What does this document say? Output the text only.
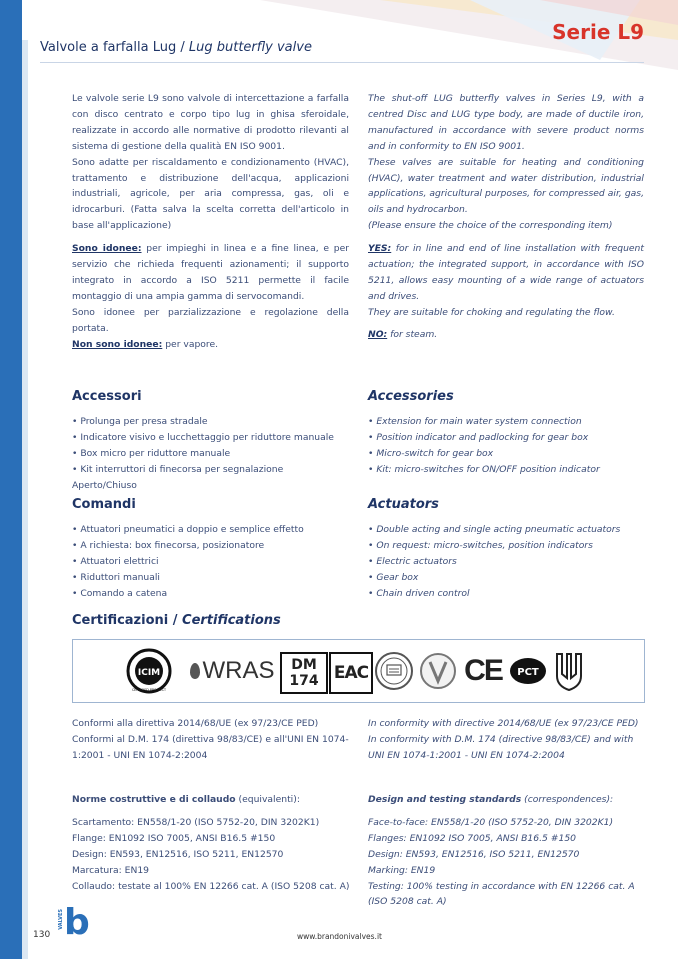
Serie L9
Valvole a farfalla Lug / Lug butterfly valve

Le valvole serie L9 sono valvole di intercettazione a farfalla con disco centrato e corpo tipo lug in ghisa sferoidale, realizzate in accordo alle normative di prodotto rilevanti al sistema di gestione della qualità EN ISO 9001.

Sono adatte per riscaldamento e condizionamento (HVAC), trattamento e distribuzione dell'acqua, applicazioni industriali, agricole, per aria compressa, gas, oli e idrocarburi. (Fatta salva la scelta corretta dell'articolo in base all'applicazione)

Sono idonee: per impieghi in linea e a fine linea, e per servizio che richieda frequenti azionamenti; il supporto integrato in accordo a ISO 5211 permette il facile montaggio di una ampia gamma di servocomandi.

Sono idonee per parzializzazione e regolazione della portata.

Non sono idonee: per vapore.

The shut-off LUG butterfly valves in Series L9, with a centred Disc and LUG type body, are made of ductile iron, manufactured in accordance with severe product norms and in conformity to EN ISO 9001.

These valves are suitable for heating and conditioning (HVAC), water treatment and water distribution, industrial applications, agricultural purposes, for compressed air, gas, oils and hydrocarbon.

(Please ensure the choice of the corresponding item)

YES: for in line and end of line installation with frequent actuation; the integrated support, in accordance with ISO 5211, allows easy mounting of a wide range of actuators and drives.

They are suitable for choking and regulating the flow.

NO: for steam.

Accessori	Accessories
• Prolunga per presa stradale
• Indicatore visivo e lucchettaggio per riduttore manuale
• Box micro per riduttore manuale
• Kit interruttori di finecorsa per segnalazione
Aperto/Chiuso
• Extension for main water system connection
• Position indicator and padlocking for gear box
• Micro-switch for gear box
• Kit: micro-switches for ON/OFF position indicator
Comandi	Actuators
• Attuatori pneumatici a doppio e semplice effetto
• A richiesta: box finecorsa, posizionatore
• Attuatori elettrici
• Riduttori manuali
• Comando a catena
• Double acting and single acting pneumatic actuators
• On request: micro-switches, position indicators
• Electric actuators
• Gear box
• Chain driven control
Certificazioni / Certifications
ICIM
CERTIFIED PRODUCT
WRAS DM
174 EAC	CE PCT

Conformi alla direttiva 2014/68/UE (ex 97/23/CE PED)

Conformi al D.M. 174 (direttiva 98/83/CE) e all'UNI EN 1074-1:2001 - UNI EN 1074-2:2004

In conformity with directive 2014/68/UE (ex 97/23/CE PED)

In conformity with D.M. 174 (directive 98/83/CE) and with UNI EN 1074-1:2001 - UNI EN 1074-2:2004

Norme costruttive e di collaudo (equivalenti):

Scartamento: EN558/1-20 (ISO 5752-20, DIN 3202K1)

Flange: EN1092 ISO 7005, ANSI B16.5 #150

Design: EN593, EN12516, ISO 5211, EN12570

Marcatura: EN19

Collaudo: testate al 100% EN 12266 cat. A (ISO 5208 cat. A)

Design and testing standards (correspondences):

Face-to-face: EN558/1-20 (ISO 5752-20, DIN 3202K1)

Flanges: EN1092 ISO 7005, ANSI B16.5 #150

Design: EN593, EN12516, ISO 5211, EN12570

Marking: EN19

Testing: 100% testing in accordance with EN 12266 cat. A (ISO 5208 cat. A)

130
VALVES b	www.brandonivalves.it
